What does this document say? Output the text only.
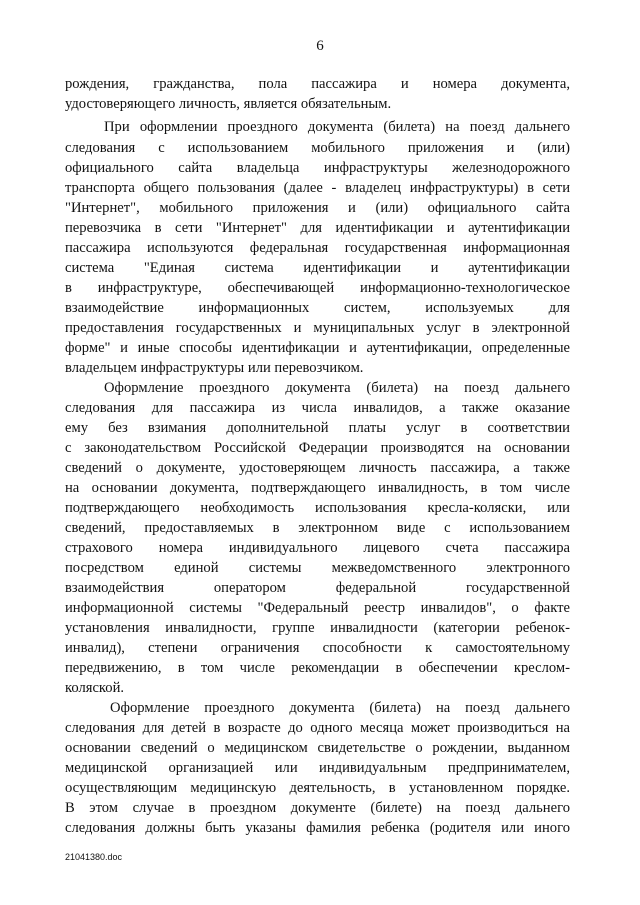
6
рождения, гражданства, пола пассажира и номера документа,
удостоверяющего личность, является обязательным.
При оформлении проездного документа (билета) на поезд дальнего
следования с использованием мобильного приложения и (или)
официального сайта владельца инфраструктуры железнодорожного
транспорта общего пользования (далее - владелец инфраструктуры) в сети
"Интернет", мобильного приложения и (или) официального сайта
перевозчика в сети "Интернет" для идентификации и аутентификации
пассажира используются федеральная государственная информационная
система "Единая система идентификации и аутентификации
в инфраструктуре, обеспечивающей информационно-технологическое
взаимодействие информационных систем, используемых для
предоставления государственных и муниципальных услуг в электронной
форме" и иные способы идентификации и аутентификации, определенные
владельцем инфраструктуры или перевозчиком.
Оформление проездного документа (билета) на поезд дальнего
следования для пассажира из числа инвалидов, а также оказание
ему без взимания дополнительной платы услуг в соответствии
с законодательством Российской Федерации производятся на основании
сведений о документе, удостоверяющем личность пассажира, а также
на основании документа, подтверждающего инвалидность, в том числе
подтверждающего необходимость использования кресла-коляски, или
сведений, предоставляемых в электронном виде с использованием
страхового номера индивидуального лицевого счета пассажира
посредством единой системы межведомственного электронного
взаимодействия оператором федеральной государственной
информационной системы "Федеральный реестр инвалидов", о факте
установления инвалидности, группе инвалидности (категории ребенок-
инвалид), степени ограничения способности к самостоятельному
передвижению, в том числе рекомендации в обеспечении креслом-
коляской.
Оформление проездного документа (билета) на поезд дальнего
следования для детей в возрасте до одного месяца может производиться на
основании сведений о медицинском свидетельстве о рождении, выданном
медицинской организацией или индивидуальным предпринимателем,
осуществляющим медицинскую деятельность, в установленном порядке.
В этом случае в проездном документе (билете) на поезд дальнего
следования должны быть указаны фамилия ребенка (родителя или иного
21041380.doc
